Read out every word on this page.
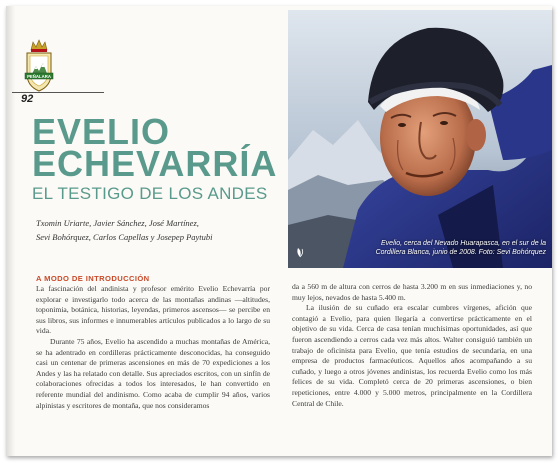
PEÑALARA
92
Evelio, cerca del Nevado Huarapasca, en el sur de la
Cordillera Blanca, junio de 2008. Foto: Sevi Bohórquez
EVELIO
ECHEVARRÍA
EL TESTIGO DE LOS ANDES
Txomin Uriarte, Javier Sánchez, José Martínez,
Sevi Bohórquez, Carlos Capellas y Josepep Paytubi
A MODO DE INTRODUCCIÓN

La fascinación del andinista y profesor emérito Evelio Echevarría por explorar e investigarlo todo acerca de las montañas andinas —altitudes, toponimia, botánica, historias, leyendas, primeros ascensos— se percibe en sus libros, sus informes e innumerables artículos publicados a lo largo de su vida.

Durante 75 años, Evelio ha ascendido a muchas montañas de América, se ha adentrado en cordilleras prácticamente desconocidas, ha conseguido casi un centenar de primeras ascensiones en más de 70 expediciones a los Andes y las ha relatado con detalle. Sus apreciados escritos, con un sinfín de colaboraciones ofrecidas a todos los interesados, le han convertido en referente mundial del andinismo. Como acaba de cumplir 94 años, varios alpinistas y escritores de montaña, que nos consideramos

da a 560 m de altura con cerros de hasta 3.200 m en sus inmediaciones y, no muy lejos, nevados de hasta 5.400 m.

La ilusión de su cuñado era escalar cumbres vírgenes, afición que contagió a Evelio, para quien llegaría a convertirse prácticamente en el objetivo de su vida. Cerca de casa tenían muchísimas oportunidades, así que fueron ascendiendo a cerros cada vez más altos. Walter consiguió también un trabajo de oficinista para Evelio, que tenía estudios de secundaria, en una empresa de productos farmacéuticos. Aquellos años acompañando a su cuñado, y luego a otros jóvenes andinistas, los recuerda Evelio como los más felices de su vida. Completó cerca de 20 primeras ascensiones, o bien repeticiones, entre 4.000 y 5.000 metros, principalmente en la Cordillera Central de Chile.
